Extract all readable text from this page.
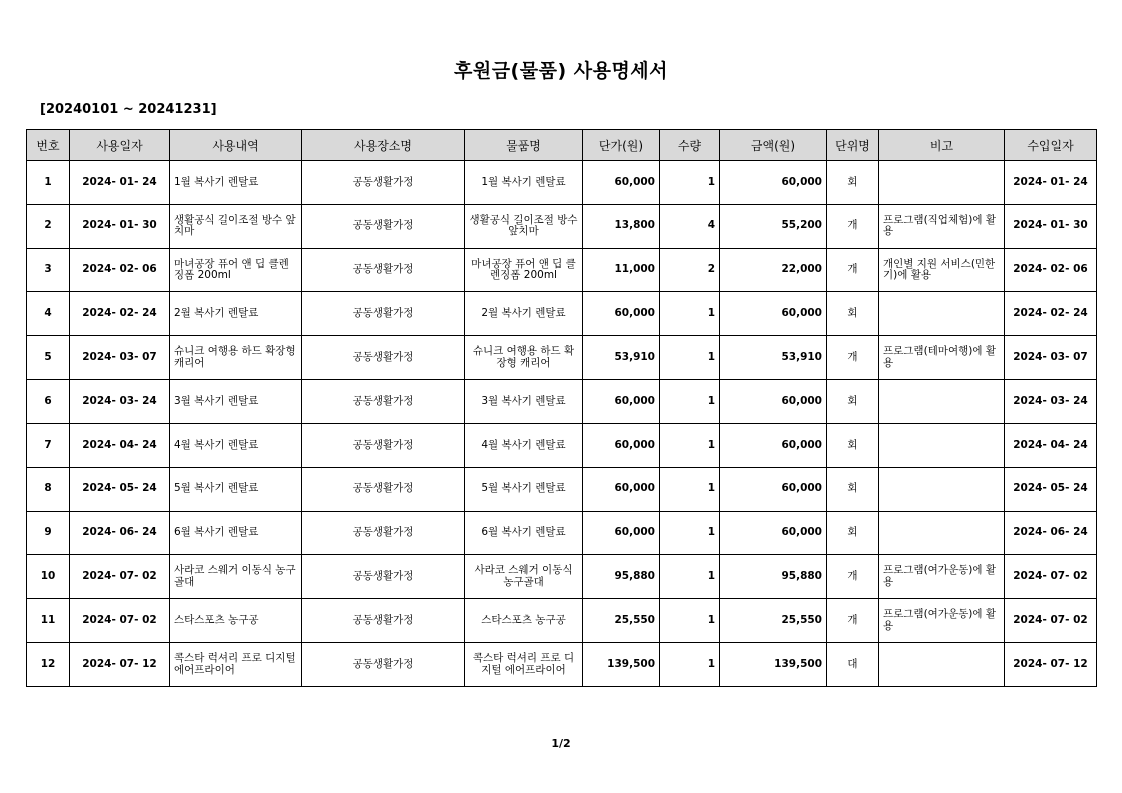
후원금(물품) 사용명세서
[20240101 ~ 20241231]
번호	사용일자	사용내역	사용장소명	물품명	단가(원)	수량	금액(원)	단위명	비고	수입일자
1	2024- 01- 24	1월 복사기 렌탈료	공동생활가정	1월 복사기 렌탈료	60,000	1	60,000	회		2024- 01- 24
2	2024- 01- 30	생활공식 길이조절 방수 앞치마	공동생활가정	생활공식 길이조절 방수 앞치마	13,800	4	55,200	개	프로그램(직업체험)에 활용	2024- 01- 30
3	2024- 02- 06	마녀공장 퓨어 앤 딥 클렌징폼 200ml	공동생활가정	마녀공장 퓨어 앤 딥 클렌징폼 200ml	11,000	2	22,000	개	개인별 지원 서비스(민한기)에 활용	2024- 02- 06
4	2024- 02- 24	2월 복사기 렌탈료	공동생활가정	2월 복사기 렌탈료	60,000	1	60,000	회		2024- 02- 24
5	2024- 03- 07	슈니크 여행용 하드 확장형 캐리어	공동생활가정	슈니크 여행용 하드 확장형 캐리어	53,910	1	53,910	개	프로그램(테마여행)에 활용	2024- 03- 07
6	2024- 03- 24	3월 복사기 렌탈료	공동생활가정	3월 복사기 렌탈료	60,000	1	60,000	회		2024- 03- 24
7	2024- 04- 24	4월 복사기 렌탈료	공동생활가정	4월 복사기 렌탈료	60,000	1	60,000	회		2024- 04- 24
8	2024- 05- 24	5월 복사기 렌탈료	공동생활가정	5월 복사기 렌탈료	60,000	1	60,000	회		2024- 05- 24
9	2024- 06- 24	6월 복사기 렌탈료	공동생활가정	6월 복사기 렌탈료	60,000	1	60,000	회		2024- 06- 24
10	2024- 07- 02	사라코 스웨거 이동식 농구골대	공동생활가정	사라코 스웨거 이동식 농구골대	95,880	1	95,880	개	프로그램(여가운동)에 활용	2024- 07- 02
11	2024- 07- 02	스타스포츠 농구공	공동생활가정	스타스포츠 농구공	25,550	1	25,550	개	프로그램(여가운동)에 활용	2024- 07- 02
12	2024- 07- 12	콕스타 럭셔리 프로 디지털 에어프라이어	공동생활가정	콕스타 럭셔리 프로 디지털 에어프라이어	139,500	1	139,500	대		2024- 07- 12
1/2
